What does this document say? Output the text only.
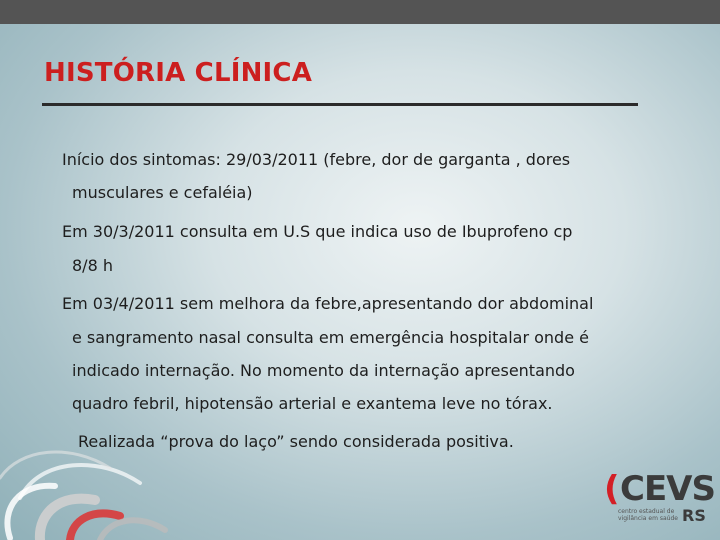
HISTÓRIA CLÍNICA
Início dos sintomas: 29/03/2011 (febre, dor de garganta , dores
musculares e cefaléia)
Em 30/3/2011 consulta em U.S que indica uso de Ibuprofeno cp
8/8 h
Em 03/4/2011 sem melhora da febre,apresentando dor abdominal
e sangramento nasal consulta em emergência hospitalar onde é
indicado internação. No momento da internação apresentando
quadro febril, hipotensão arterial e exantema leve no tórax.
Realizada “prova do laço” sendo considerada positiva.
( CEVS
centro estadual de vigilância em saúde RS
